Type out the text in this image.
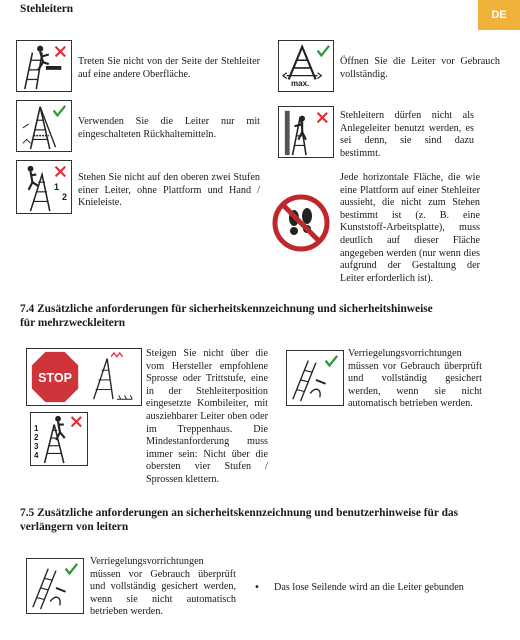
Stehleitern	DE
Treten Sie nicht von der Seite der Stehleiter auf eine andere Oberfläche.
Verwenden Sie die Leiter nur mit eingeschalteten Rückhaltemitteln.
1
2
Stehen Sie nicht auf den oberen zwei Stufen einer Leiter, ohne Plattform und Hand / Knieleiste.
max.
Öffnen Sie die Leiter vor Gebrauch vollständig.
Stehleitern dürfen nicht als Anlegeleiter benutzt werden, es sei denn, sie sind dazu bestimmt.
Jede horizontale Fläche, die wie eine Plattform auf einer Stehleiter aussieht, die nicht zum Stehen bestimmt ist (z. B. eine Kunststoff-Arbeitsplatte), muss deutlich auf dieser Fläche angegeben werden (nur wenn dies aufgrund der Gestaltung der Leiter erforderlich ist).
7.4 Zusätzliche anforderungen für sicherheitskennzeichnung und sicherheitshinweise für mehrzweckleitern
STOP
1
2
3
4
Steigen Sie nicht über die vom Hersteller empfohlene Sprosse oder Trittstufe, eine in der Stehleiterposition eingesetzte Kombileiter, mit ausziehbarer Leiter oben oder im Treppenhaus. Die Mindestanforderung muss immer sein: Nicht über die obersten vier Stufen / Sprossen klettern.
Verriegelungsvorrichtungen müssen vor Gebrauch überprüft und vollständig gesichert werden, wenn sie nicht automatisch betrieben werden.
7.5 Zusätzliche anforderungen an sicherheitskennzeichnung und benutzerhinweise für das verlängern von leitern
Verriegelungsvorrichtungen müssen vor Gebrauch überprüft und vollständig gesichert werden, wenn sie nicht automatisch betrieben werden.
• Das lose Seilende wird an die Leiter gebunden
